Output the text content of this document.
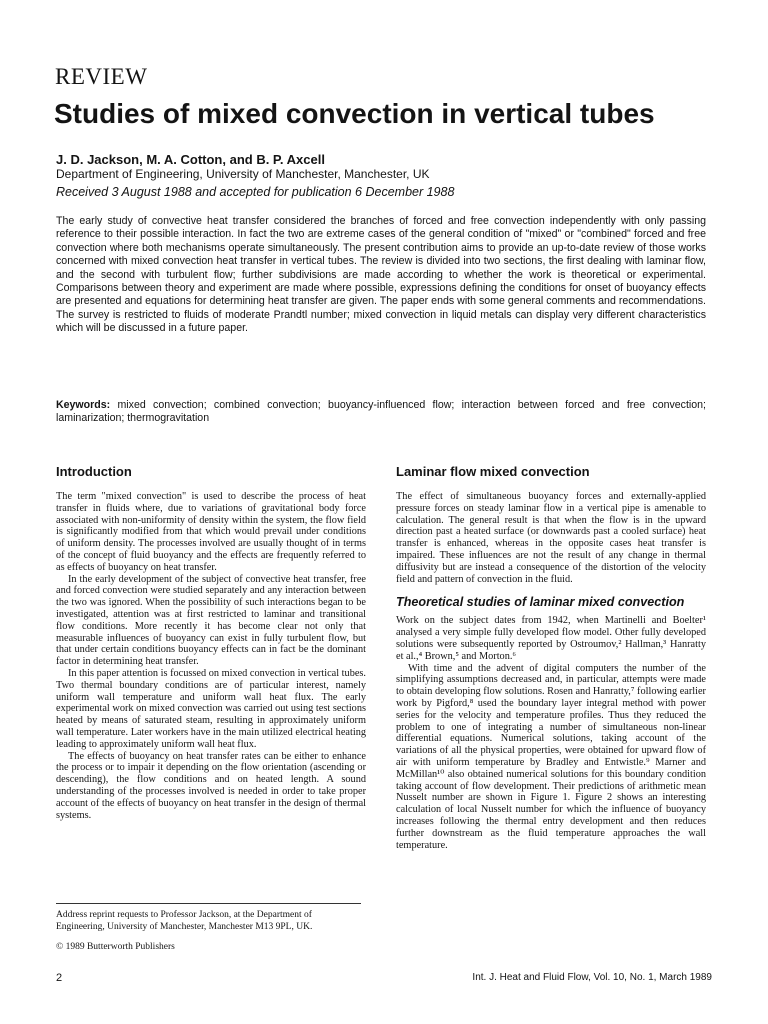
REVIEW
Studies of mixed convection in vertical tubes
J. D. Jackson, M. A. Cotton, and B. P. Axcell
Department of Engineering, University of Manchester, Manchester, UK
Received 3 August 1988 and accepted for publication 6 December 1988

The early study of convective heat transfer considered the branches of forced and free convection independently with only passing reference to their possible interaction. In fact the two are extreme cases of the general condition of "mixed" or "combined" forced and free convection where both mechanisms operate simultaneously. The present contribution aims to provide an up-to-date review of those works concerned with mixed convection heat transfer in vertical tubes. The review is divided into two sections, the first dealing with laminar flow, and the second with turbulent flow; further subdivisions are made according to whether the work is theoretical or experimental. Comparisons between theory and experiment are made where possible, expressions defining the conditions for onset of buoyancy effects are presented and equations for determining heat transfer are given. The paper ends with some general comments and recommendations. The survey is restricted to fluids of moderate Prandtl number; mixed convection in liquid metals can display very different characteristics which will be discussed in a future paper.

Keywords: mixed convection; combined convection; buoyancy-influenced flow; interaction between forced and free convection; laminarization; thermogravitation

Introduction

The term "mixed convection" is used to describe the process of heat transfer in fluids where, due to variations of gravitational body force associated with non-uniformity of density within the system, the flow field is significantly modified from that which would prevail under conditions of uniform density. The processes involved are usually thought of in terms of the concept of fluid buoyancy and the effects are frequently referred to as effects of buoyancy on heat transfer.

In the early development of the subject of convective heat transfer, free and forced convection were studied separately and any interaction between the two was ignored. When the possibility of such interactions began to be investigated, attention was at first restricted to laminar and transitional flow conditions. More recently it has become clear not only that measurable influences of buoyancy can exist in fully turbulent flow, but that under certain conditions buoyancy effects can in fact be the dominant factor in determining heat transfer.

In this paper attention is focussed on mixed convection in vertical tubes. Two thermal boundary conditions are of particular interest, namely uniform wall temperature and uniform wall heat flux. The early experimental work on mixed convection was carried out using test sections heated by means of saturated steam, resulting in approximately uniform wall temperature. Later workers have in the main utilized electrical heating leading to approximately uniform wall heat flux.

The effects of buoyancy on heat transfer rates can be either to enhance the process or to impair it depending on the flow orientation (ascending or descending), the flow conditions and on heated length. A sound understanding of the processes involved is needed in order to take proper account of the effects of buoyancy on heat transfer in the design of thermal systems.

Laminar flow mixed convection

The effect of simultaneous buoyancy forces and externally-applied pressure forces on steady laminar flow in a vertical pipe is amenable to calculation. The general result is that when the flow is in the upward direction past a heated surface (or downwards past a cooled surface) heat transfer is enhanced, whereas in the opposite cases heat transfer is impaired. These influences are not the result of any change in thermal diffusivity but are instead a consequence of the distortion of the velocity field and pattern of convection in the fluid.

Theoretical studies of laminar mixed convection

Work on the subject dates from 1942, when Martinelli and Boelter¹ analysed a very simple fully developed flow model. Other fully developed solutions were subsequently reported by Ostroumov,² Hallman,³ Hanratty et al.,⁴ Brown,⁵ and Morton.⁶

With time and the advent of digital computers the number of the simplifying assumptions decreased and, in particular, attempts were made to obtain developing flow solutions. Rosen and Hanratty,⁷ following earlier work by Pigford,⁸ used the boundary layer integral method with power series for the velocity and temperature profiles. Thus they reduced the problem to one of integrating a number of simultaneous non-linear differential equations. Numerical solutions, taking account of the variations of all the physical properties, were obtained for upward flow of air with uniform temperature by Bradley and Entwistle.⁹ Marner and McMillan¹⁰ also obtained numerical solutions for this boundary condition taking account of flow development. Their predictions of arithmetic mean Nusselt number are shown in Figure 1. Figure 2 shows an interesting calculation of local Nusselt number for which the influence of buoyancy increases following the thermal entry development and then reduces further downstream as the fluid temperature approaches the wall temperature.

Address reprint requests to Professor Jackson, at the Department of Engineering, University of Manchester, Manchester M13 9PL, UK.

© 1989 Butterworth Publishers
2	Int. J. Heat and Fluid Flow, Vol. 10, No. 1, March 1989
